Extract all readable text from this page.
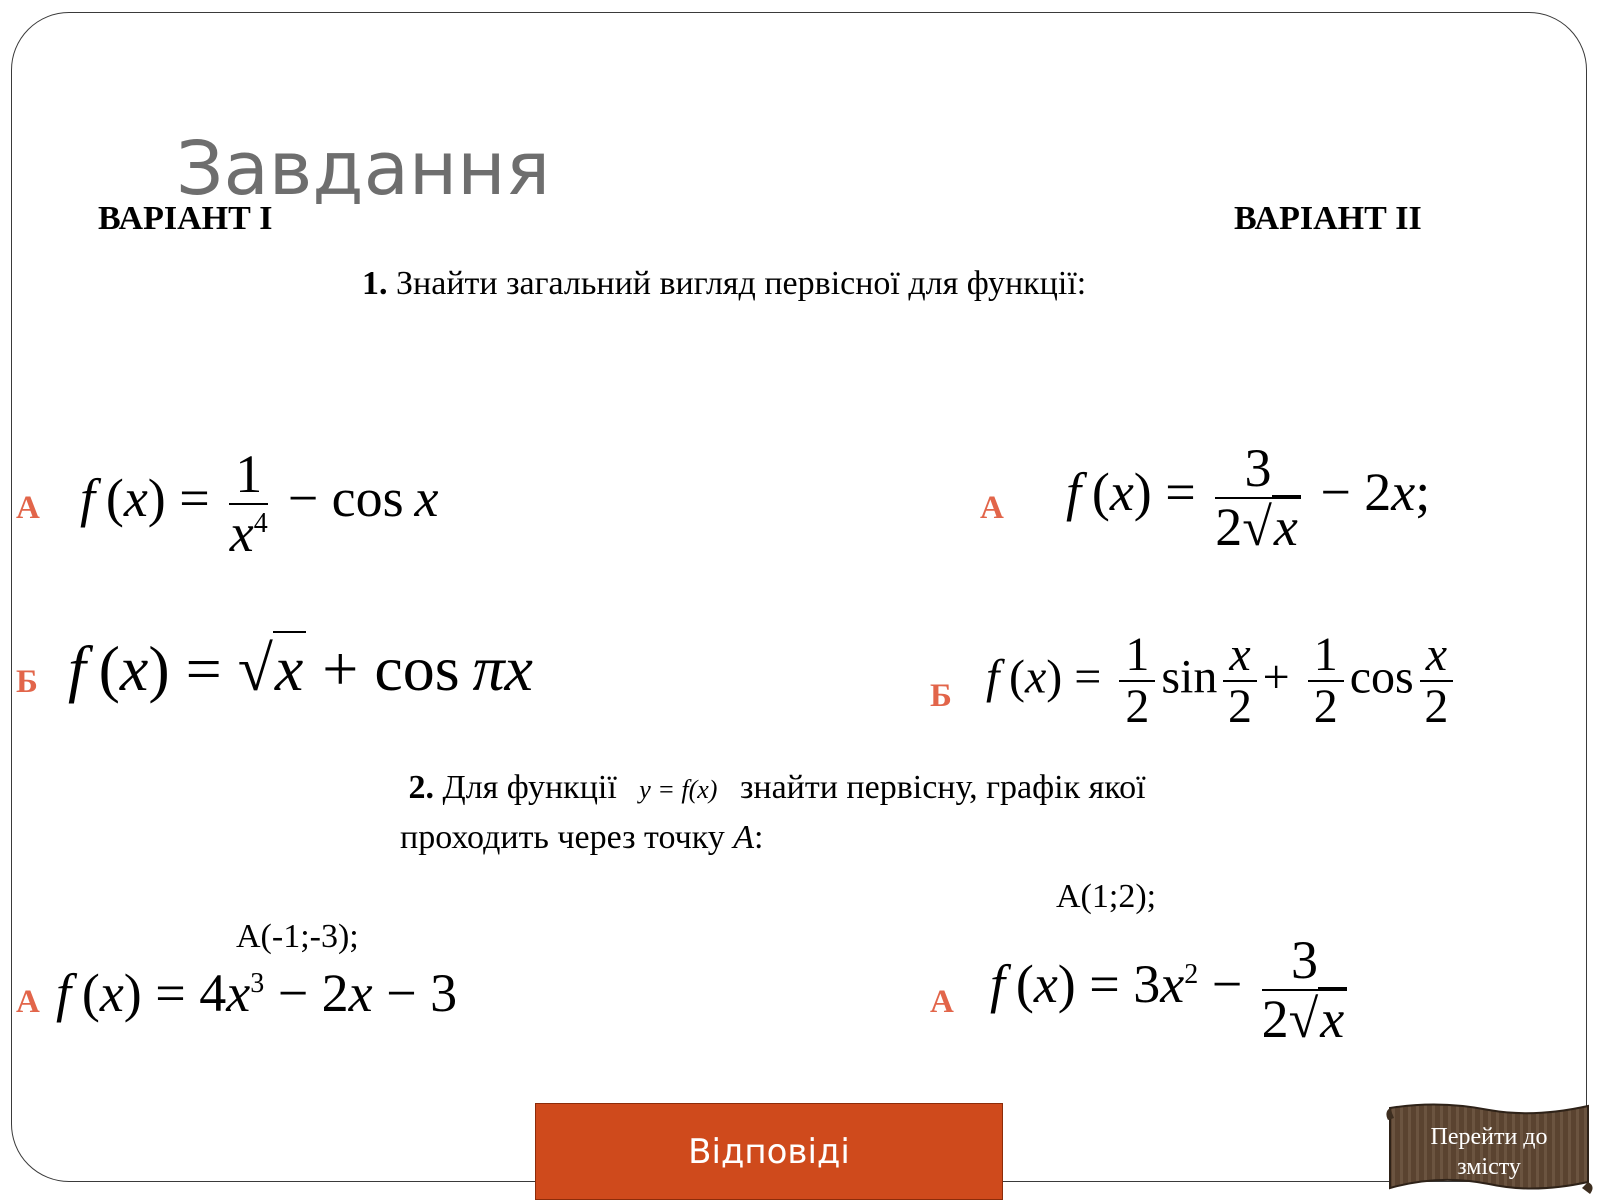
Завдання
ВАРІАНТ І	ВАРІАНТ ІІ
1. Знайти загальний вигляд первісної для функції:
А f $(x) = \frac{1}{x^4} - \cos x$
Б f (x) = √x + cos πx
А f $(x) = \frac{3}{2√x} - 2x$;
Б f $(x) = \frac{1}{2}$ $\sin \frac{x}{2} + \frac{1}{2}$ $\cos \frac{x}{2}$
2. Для функції y = f(x) знайти первісну, графік якої проходить через точку A:
A(-1;-3);
A(1;2);
А f $(x) = 4x^3 - 2x - 3$	А f $(x) = 3x^2 - \frac{3}{2√x}$
Відповіді	Перейти до змісту
